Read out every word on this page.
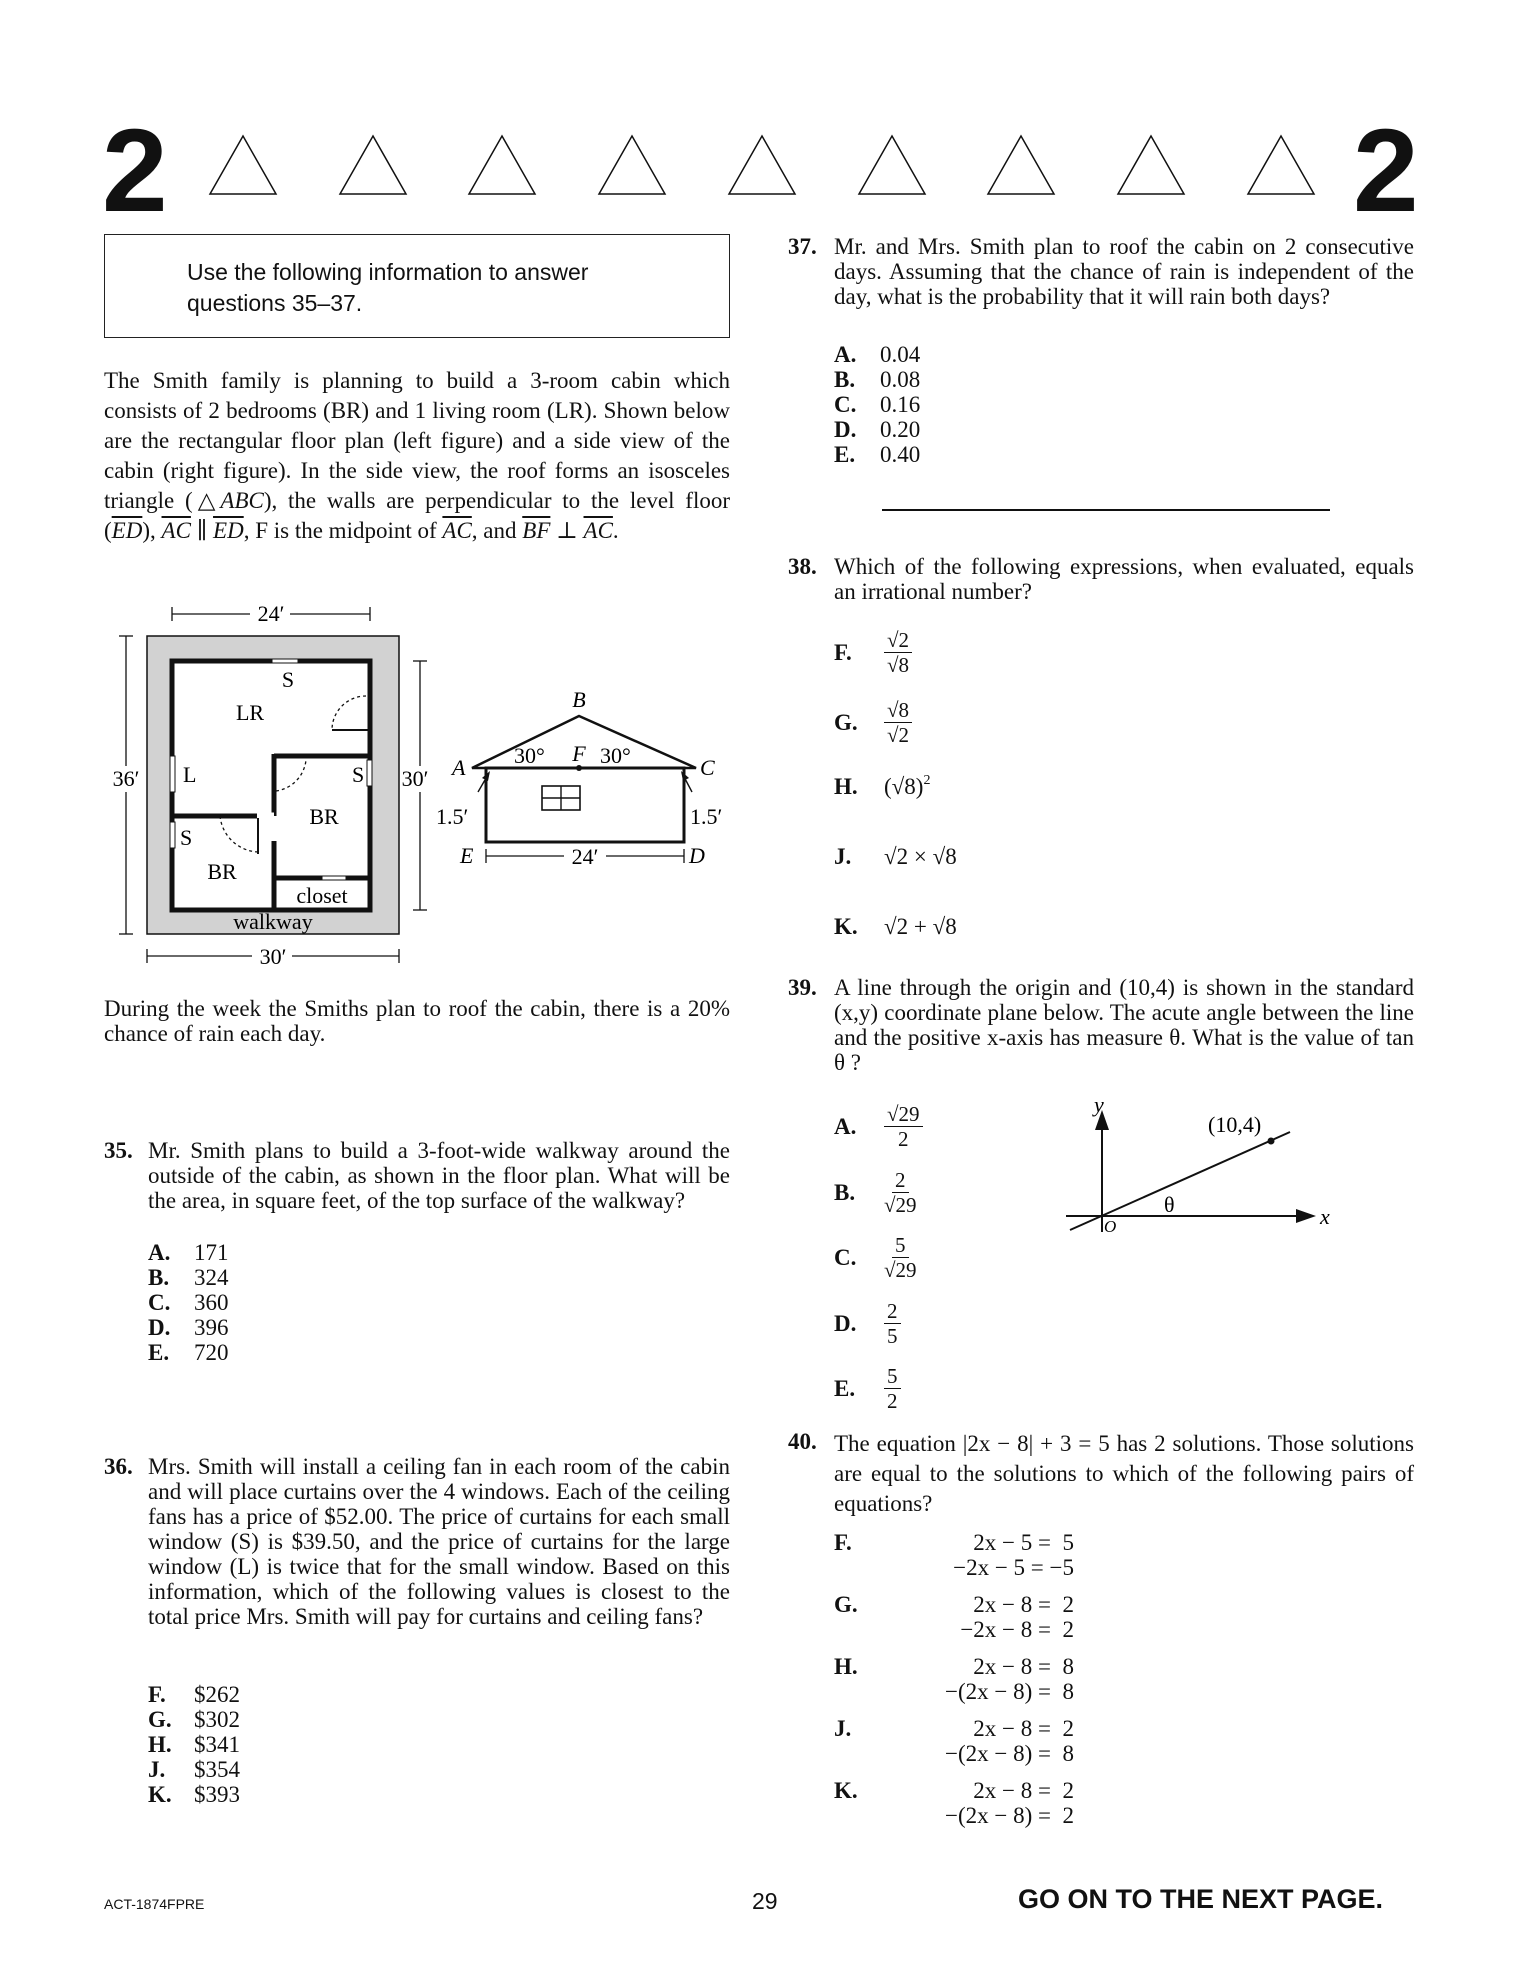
2	2
Use the following information to answer questions 35–37.
The Smith family is planning to build a 3-room cabin which consists of 2 bedrooms (BR) and 1 living room (LR). Shown below are the rectangular floor plan (left figure) and a side view of the cabin (right figure). In the side view, the roof forms an isosceles triangle (△ABC), the walls are perpendicular to the level floor $(\overline{ED})$, $\overline{AC}$ ∥ $\overline{ED}$, F is the midpoint of $\overline{AC}$, and $\overline{BF}$ ⊥ $\overline{AC}$.
24′
S
LR
L	S
BR
S
BR
closet
walkway
36′	30′
30′
B
A	C
F
30°	30°
1.5′	1.5′
E	D
24′
During the week the Smiths plan to roof the cabin, there is a 20% chance of rain each day.
35. Mr. Smith plans to build a 3-foot-wide walkway around the outside of the cabin, as shown in the floor plan. What will be the area, in square feet, of the top surface of the walkway?
A. 171
B. 324
C. 360
D. 396
E. 720
36. Mrs. Smith will install a ceiling fan in each room of the cabin and will place curtains over the 4 windows. Each of the ceiling fans has a price of $52.00. The price of curtains for each small window (S) is $39.50, and the price of curtains for the large window (L) is twice that for the small window. Based on this information, which of the following values is closest to the total price Mrs. Smith will pay for curtains and ceiling fans?
F. $262
G. $302
H. $341
J. $354
K. $393
37. Mr. and Mrs. Smith plan to roof the cabin on 2 consecutive days. Assuming that the chance of rain is independent of the day, what is the probability that it will rain both days?
A. 0.04
B. 0.08
C. 0.16
D. 0.20
E. 0.40
38. Which of the following expressions, when evaluated, equals an irrational number?
F.	$\frac{√2}{√8}$
G.	$\frac{√8}{√2}$
H.	$(√8)^2$
J.	√2 × √8
K.	√2 + √8
39. A line through the origin and (10,4) is shown in the standard (x,y) coordinate plane below. The acute angle between the line and the positive x-axis has measure θ. What is the value of tan θ ?
A.	$\frac{√29}{2}$
B.	$\frac{2}{√29}$
C.	$\frac{5}{√29}$
D.	$\frac{2}{5}$
E.	$\frac{5}{2}$
y
x
O
(10,4)
θ
40. The equation |2x − 8| + 3 = 5 has 2 solutions. Those solutions are equal to the solutions to which of the following pairs of equations?
F.	2x − 5 =  5
−2x − 5 = −5
G.	2x − 8 =  2
−2x − 8 =  2
H.	2x − 8 =  8
−(2x − 8) =  8
J.	2x − 8 =  2
−(2x − 8) =  8
K.	2x − 8 =  2
−(2x − 8) =  2
ACT-1874FPRE	29	GO ON TO THE NEXT PAGE.
